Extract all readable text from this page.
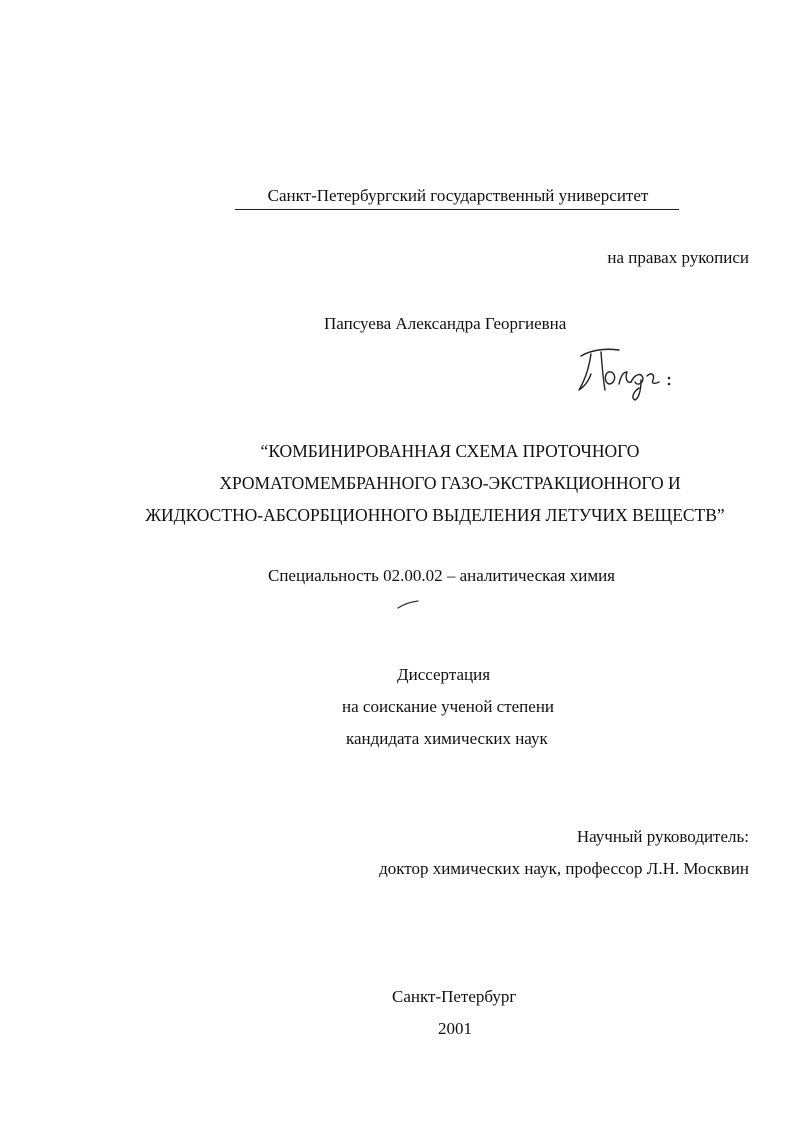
Санкт-Петербургский государственный университет
на правах рукописи
Папсуева Александра Георгиевна
“КОМБИНИРОВАННАЯ СХЕМА ПРОТОЧНОГО
ХРОМАТОМЕМБРАННОГО ГАЗО-ЭКСТРАКЦИОННОГО И
ЖИДКОСТНО-АБСОРБЦИОННОГО ВЫДЕЛЕНИЯ ЛЕТУЧИХ ВЕЩЕСТВ”
Специальность 02.00.02 – аналитическая химия
Диссертация
на соискание ученой степени
кандидата химических наук
Научный руководитель:
доктор химических наук, профессор Л.Н. Москвин
Санкт-Петербург
2001
